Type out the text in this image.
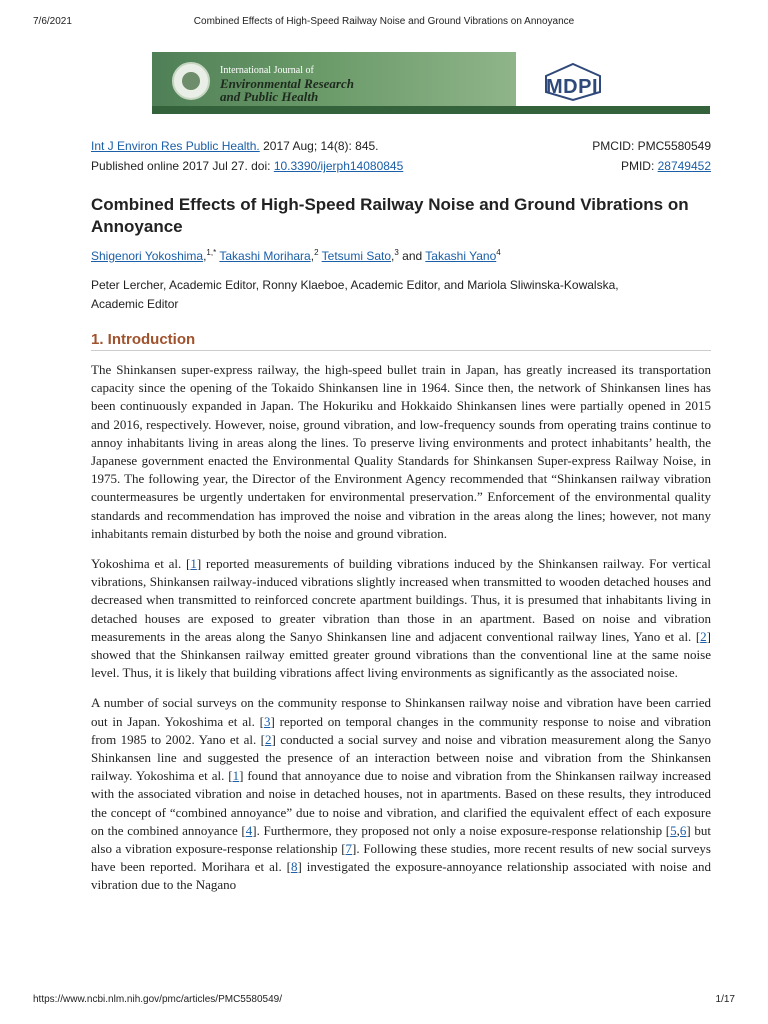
7/6/2021	Combined Effects of High-Speed Railway Noise and Ground Vibrations on Annoyance
International Journal of
Environmental Research
and Public Health	MDPI
Int J Environ Res Public Health. 2017 Aug; 14(8): 845.
Published online 2017 Jul 27. doi: 10.3390/ijerph14080845
PMCID: PMC5580549
PMID: 28749452
Combined Effects of High-Speed Railway Noise and Ground Vibrations on Annoyance
Shigenori Yokoshima,$^{1,*}$ Takashi Morihara,$^2$ Tetsumi Sato,$^3$ and Takashi Yano$^4$
Peter Lercher, Academic Editor, Ronny Klaeboe, Academic Editor, and Mariola Sliwinska-Kowalska, Academic Editor
1. Introduction

The Shinkansen super-express railway, the high-speed bullet train in Japan, has greatly increased its transportation capacity since the opening of the Tokaido Shinkansen line in 1964. Since then, the network of Shinkansen lines has been continuously expanded in Japan. The Hokuriku and Hokkaido Shinkansen lines were partially opened in 2015 and 2016, respectively. However, noise, ground vibration, and low-frequency sounds from operating trains continue to annoy inhabitants living in areas along the lines. To preserve living environments and protect inhabitants’ health, the Japanese government enacted the Environmental Quality Standards for Shinkansen Super-express Railway Noise, in 1975. The following year, the Director of the Environment Agency recommended that “Shinkansen railway vibration countermeasures be urgently undertaken for environmental preservation.” Enforcement of the environmental quality standards and recommendation has improved the noise and vibration in the areas along the lines; however, not many inhabitants remain disturbed by both the noise and ground vibration.

Yokoshima et al. [1] reported measurements of building vibrations induced by the Shinkansen railway. For vertical vibrations, Shinkansen railway-induced vibrations slightly increased when transmitted to wooden detached houses and decreased when transmitted to reinforced concrete apartment buildings. Thus, it is presumed that inhabitants living in detached houses are exposed to greater vibration than those in an apartment. Based on noise and vibration measurements in the areas along the Sanyo Shinkansen line and adjacent conventional railway lines, Yano et al. [2] showed that the Shinkansen railway emitted greater ground vibrations than the conventional line at the same noise level. Thus, it is likely that building vibrations affect living environments as significantly as the associated noise.

A number of social surveys on the community response to Shinkansen railway noise and vibration have been carried out in Japan. Yokoshima et al. [3] reported on temporal changes in the community response to noise and vibration from 1985 to 2002. Yano et al. [2] conducted a social survey and noise and vibration measurement along the Sanyo Shinkansen line and suggested the presence of an interaction between noise and vibration from the Shinkansen railway. Yokoshima et al. [1] found that annoyance due to noise and vibration from the Shinkansen railway increased with the associated vibration and noise in detached houses, not in apartments. Based on these results, they introduced the concept of “combined annoyance” due to noise and vibration, and clarified the equivalent effect of each exposure on the combined annoyance [4]. Furthermore, they proposed not only a noise exposure-response relationship [5,6] but also a vibration exposure-response relationship [7]. Following these studies, more recent results of new social surveys have been reported. Morihara et al. [8] investigated the exposure-annoyance relationship associated with noise and vibration due to the Nagano

https://www.ncbi.nlm.nih.gov/pmc/articles/PMC5580549/	1/17
